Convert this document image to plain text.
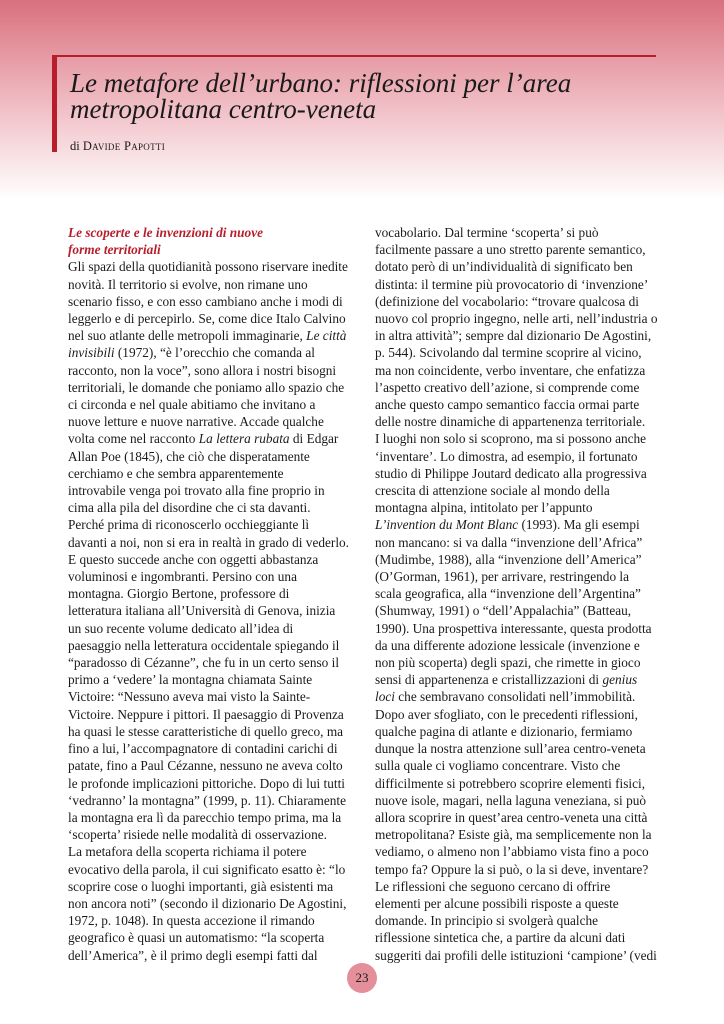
Le metafore dell’urbano: riflessioni per l’area
metropolitana centro-veneta

di Davide Papotti

Le scoperte e le invenzioni di nuove
forme territoriali
Gli spazi della quotidianità possono riservare inedite
novità. Il territorio si evolve, non rimane uno
scenario fisso, e con esso cambiano anche i modi di
leggerlo e di percepirlo. Se, come dice Italo Calvino
nel suo atlante delle metropoli immaginarie, Le città
invisibili (1972), “è l’orecchio che comanda al
racconto, non la voce”, sono allora i nostri bisogni
territoriali, le domande che poniamo allo spazio che
ci circonda e nel quale abitiamo che invitano a
nuove letture e nuove narrative. Accade qualche
volta come nel racconto La lettera rubata di Edgar
Allan Poe (1845), che ciò che disperatamente
cerchiamo e che sembra apparentemente
introvabile venga poi trovato alla fine proprio in
cima alla pila del disordine che ci sta davanti.
Perché prima di riconoscerlo occhieggiante lì
davanti a noi, non si era in realtà in grado di vederlo.
E questo succede anche con oggetti abbastanza
voluminosi e ingombranti. Persino con una
montagna. Giorgio Bertone, professore di
letteratura italiana all’Università di Genova, inizia
un suo recente volume dedicato all’idea di
paesaggio nella letteratura occidentale spiegando il
“paradosso di Cézanne”, che fu in un certo senso il
primo a ‘vedere’ la montagna chiamata Sainte
Victoire: “Nessuno aveva mai visto la Sainte-
Victoire. Neppure i pittori. Il paesaggio di Provenza
ha quasi le stesse caratteristiche di quello greco, ma
fino a lui, l’accompagnatore di contadini carichi di
patate, fino a Paul Cézanne, nessuno ne aveva colto
le profonde implicazioni pittoriche. Dopo di lui tutti
‘vedranno’ la montagna” (1999, p. 11). Chiaramente
la montagna era lì da parecchio tempo prima, ma la
‘scoperta’ risiede nelle modalità di osservazione.
La metafora della scoperta richiama il potere
evocativo della parola, il cui significato esatto è: “lo
scoprire cose o luoghi importanti, già esistenti ma
non ancora noti” (secondo il dizionario De Agostini,
1972, p. 1048). In questa accezione il rimando
geografico è quasi un automatismo: “la scoperta
dell’America”, è il primo degli esempi fatti dal
vocabolario. Dal termine ‘scoperta’ si può
facilmente passare a uno stretto parente semantico,
dotato però di un’individualità di significato ben
distinta: il termine più provocatorio di ‘invenzione’
(definizione del vocabolario: “trovare qualcosa di
nuovo col proprio ingegno, nelle arti, nell’industria o
in altra attività”; sempre dal dizionario De Agostini,
p. 544). Scivolando dal termine scoprire al vicino,
ma non coincidente, verbo inventare, che enfatizza
l’aspetto creativo dell’azione, si comprende come
anche questo campo semantico faccia ormai parte
delle nostre dinamiche di appartenenza territoriale.
I luoghi non solo si scoprono, ma si possono anche
‘inventare’. Lo dimostra, ad esempio, il fortunato
studio di Philippe Joutard dedicato alla progressiva
crescita di attenzione sociale al mondo della
montagna alpina, intitolato per l’appunto
L’invention du Mont Blanc (1993). Ma gli esempi
non mancano: si va dalla “invenzione dell’Africa”
(Mudimbe, 1988), alla “invenzione dell’America”
(O’Gorman, 1961), per arrivare, restringendo la
scala geografica, alla “invenzione dell’Argentina”
(Shumway, 1991) o “dell’Appalachia” (Batteau,
1990). Una prospettiva interessante, questa prodotta
da una differente adozione lessicale (invenzione e
non più scoperta) degli spazi, che rimette in gioco
sensi di appartenenza e cristallizzazioni di genius
loci che sembravano consolidati nell’immobilità.
Dopo aver sfogliato, con le precedenti riflessioni,
qualche pagina di atlante e dizionario, fermiamo
dunque la nostra attenzione sull’area centro-veneta
sulla quale ci vogliamo concentrare. Visto che
difficilmente si potrebbero scoprire elementi fisici,
nuove isole, magari, nella laguna veneziana, si può
allora scoprire in quest’area centro-veneta una città
metropolitana? Esiste già, ma semplicemente non la
vediamo, o almeno non l’abbiamo vista fino a poco
tempo fa? Oppure la si può, o la si deve, inventare?
Le riflessioni che seguono cercano di offrire
elementi per alcune possibili risposte a queste
domande. In principio si svolgerà qualche
riflessione sintetica che, a partire da alcuni dati
suggeriti dai profili delle istituzioni ‘campione’ (vedi
23
